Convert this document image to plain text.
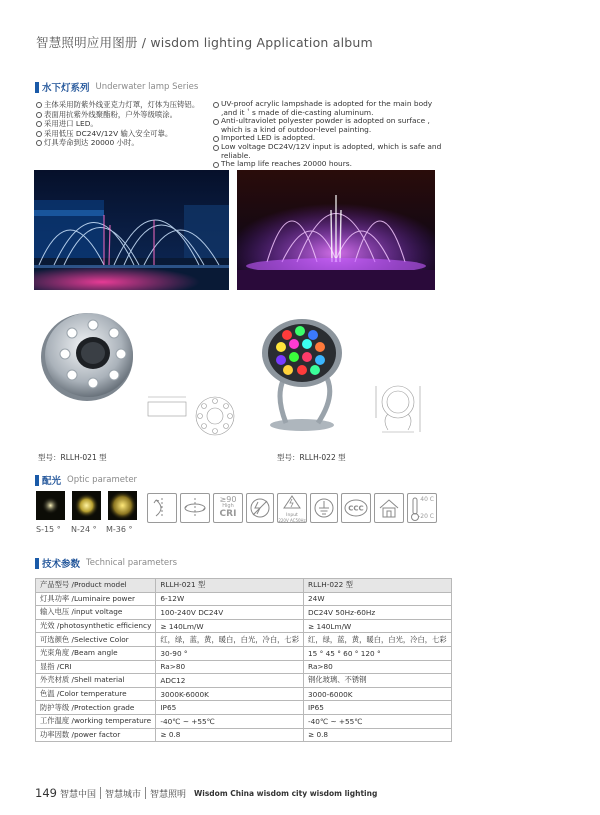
智慧照明应用图册 / wisdom lighting Application album
水下灯系列 Underwater lamp Series
主体采用防紫外线亚克力灯罩，灯体为压铸铝。
表面用抗紫外线聚酯粉，户外等级喷涂。
采用进口 LED。
采用低压 DC24V/12V 输入安全可靠。
灯具寿命到达 20000 小时。
UV-proof acrylic lampshade is adopted for the main body ,and it＇s made of die-casting aluminum.
Anti-ultraviolet polyester powder is adopted on surface , which is a kind of outdoor-level painting.
Imported LED is adopted.
Low voltage DC24V/12V input is adopted, which is safe and reliable.
The lamp life reaches 20000 hours.
型号：RLLH-021 型	型号：RLLH-022 型
配光 Optic parameter
S-15 ° N-24 ° M-36 °
≥90
High
CRI	Input
220V AC50Hz
CCC
40 C
-20 C
技术参数 Technical parameters
产品型号 /Product model	RLLH-021 型	RLLH-022 型
灯具功率 /Luminaire power	6-12W	24W
输入电压 /input voltage	100-240V DC24V	DC24V 50Hz-60Hz
光效 /photosynthetic efficiency	≥ 140Lm/W	≥ 140Lm/W
可选颜色 /Selective Color	红，绿，蓝，黄，暖白，白光，冷白，七彩	红，绿，蓝，黄，暖白，白光，冷白，七彩
光束角度 /Beam angle	30-90 °	15 ° 45 ° 60 ° 120 °
显指 /CRI	Ra>80	Ra>80
外壳材质 /Shell material	ADC12	钢化玻璃、不锈钢
色温 /Color temperature	3000K-6000K	3000-6000K
防护等级 /Protection grade	IP65	IP65
工作温度 /working temperature	-40℃ ~ +55℃	-40℃ ~ +55℃
功率因数 /power factor	≥ 0.8	≥ 0.8
149 智慧中国 智慧城市 智慧照明 Wisdom China wisdom city wisdom lighting
